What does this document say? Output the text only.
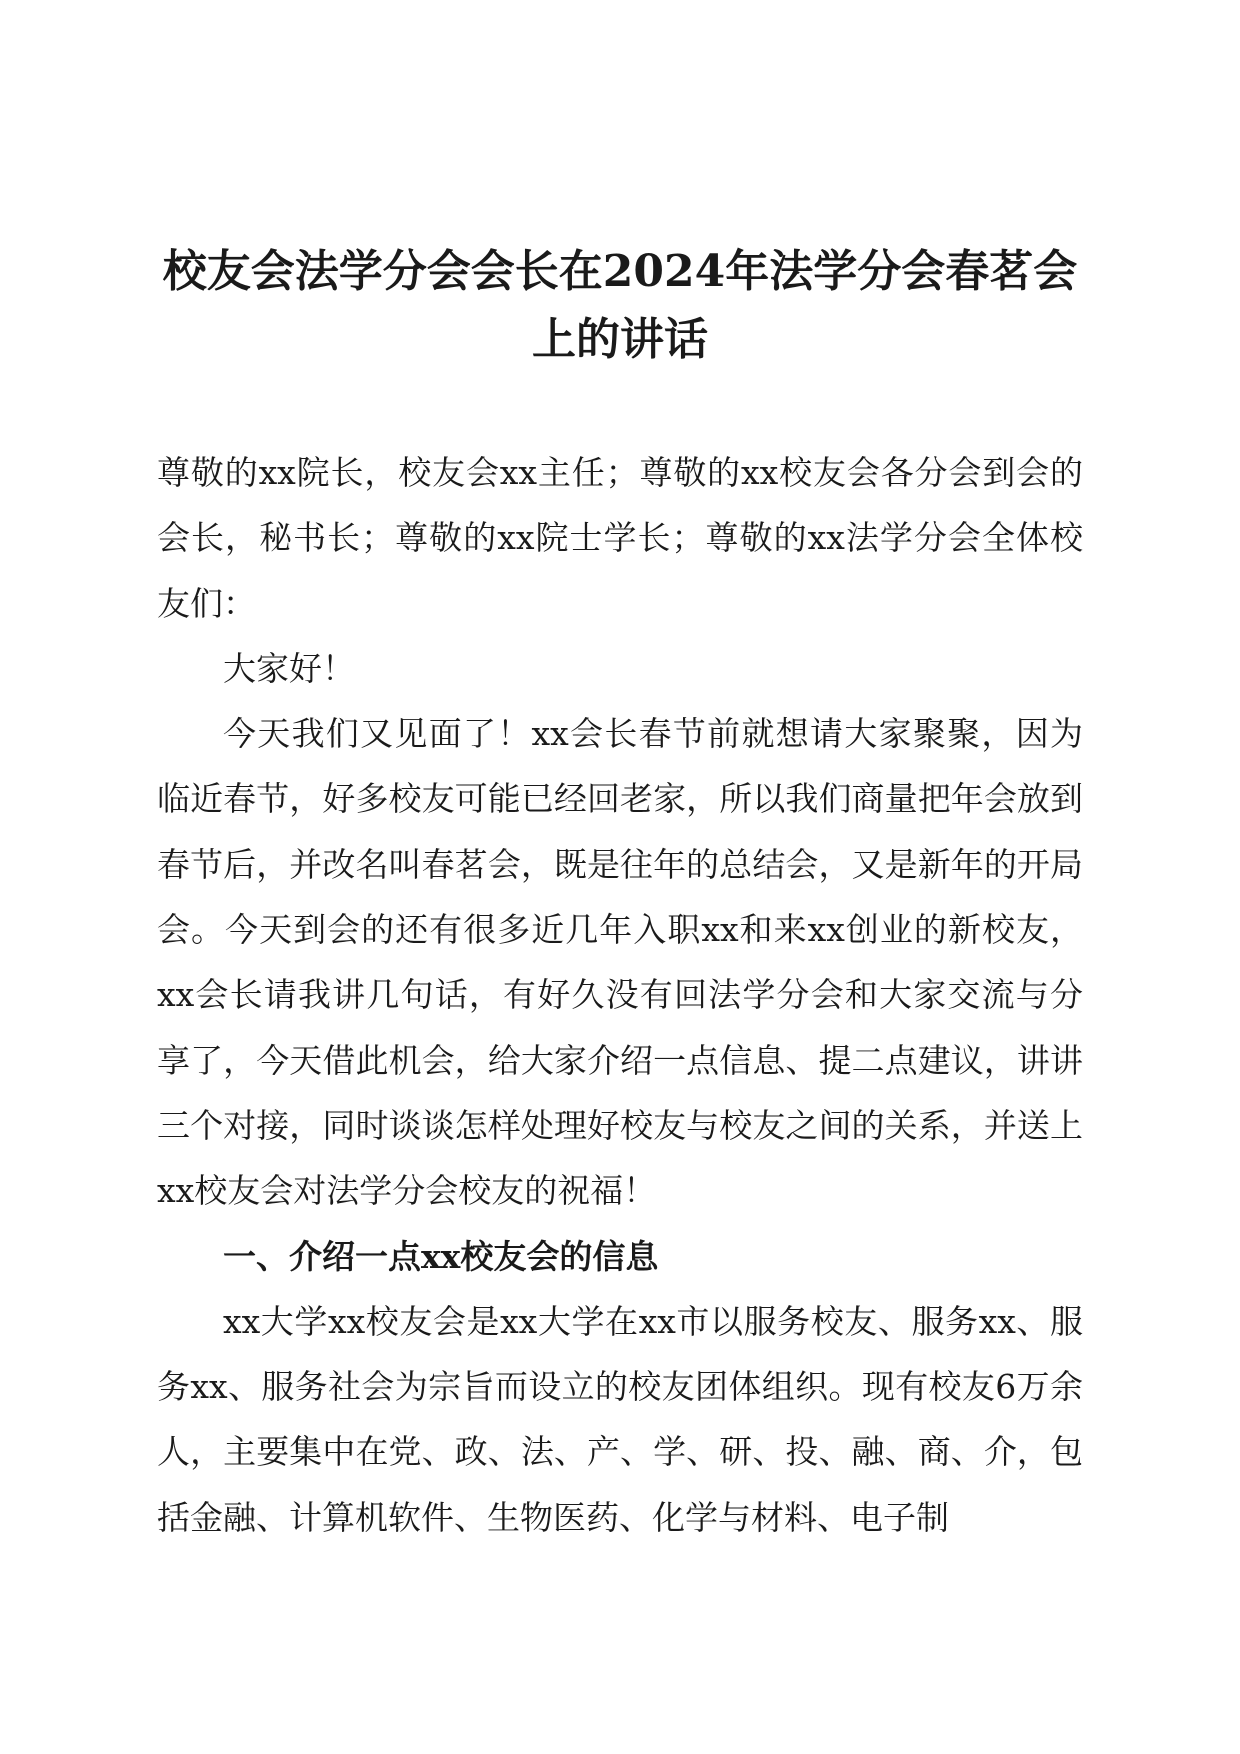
校友会法学分会会长在2024年法学分会春茗会上的讲话

尊敬的xx院长，校友会xx主任；尊敬的xx校友会各分会到会的会长，秘书长；尊敬的xx院士学长；尊敬的xx法学分会全体校友们：

大家好！

今天我们又见面了！xx会长春节前就想请大家聚聚，因为临近春节，好多校友可能已经回老家，所以我们商量把年会放到春节后，并改名叫春茗会，既是往年的总结会，又是新年的开局会。今天到会的还有很多近几年入职xx和来xx创业的新校友，xx会长请我讲几句话，有好久没有回法学分会和大家交流与分享了，今天借此机会，给大家介绍一点信息、提二点建议，讲讲三个对接，同时谈谈怎样处理好校友与校友之间的关系，并送上xx校友会对法学分会校友的祝福！

一、介绍一点xx校友会的信息

xx大学xx校友会是xx大学在xx市以服务校友、服务xx、服务xx、服务社会为宗旨而设立的校友团体组织。现有校友6万余人，主要集中在党、政、法、产、学、研、投、融、商、介，包括金融、计算机软件、生物医药、化学与材料、电子制
